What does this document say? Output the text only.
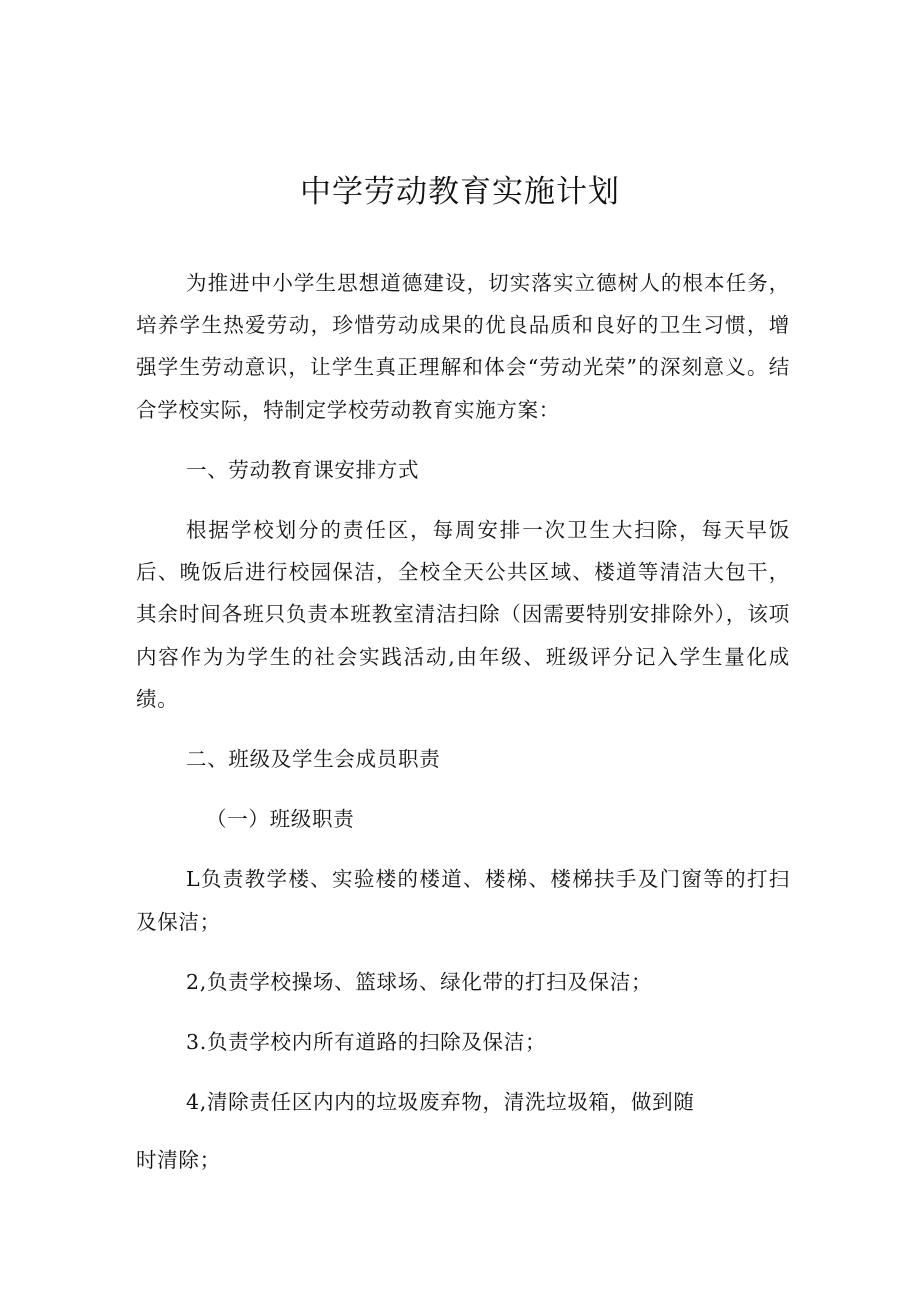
中学劳动教育实施计划

为推进中小学生思想道德建设，切实落实立德树人的根本任务，培养学生热爱劳动，珍惜劳动成果的优良品质和良好的卫生习惯，增强学生劳动意识，让学生真正理解和体会“劳动光荣”的深刻意义。结合学校实际，特制定学校劳动教育实施方案：

一、劳动教育课安排方式

根据学校划分的责任区，每周安排一次卫生大扫除，每天早饭后、晚饭后进行校园保洁，全校全天公共区域、楼道等清洁大包干，其余时间各班只负责本班教室清洁扫除（因需要特别安排除外），该项内容作为为学生的社会实践活动,由年级、班级评分记入学生量化成绩。

二、班级及学生会成员职责

（一）班级职责

L负责教学楼、实验楼的楼道、楼梯、楼梯扶手及门窗等的打扫及保洁；

2,负责学校操场、篮球场、绿化带的打扫及保洁；

3.负责学校内所有道路的扫除及保洁；

4,清除责任区内内的垃圾废弃物，清洗垃圾箱，做到随

时清除；
